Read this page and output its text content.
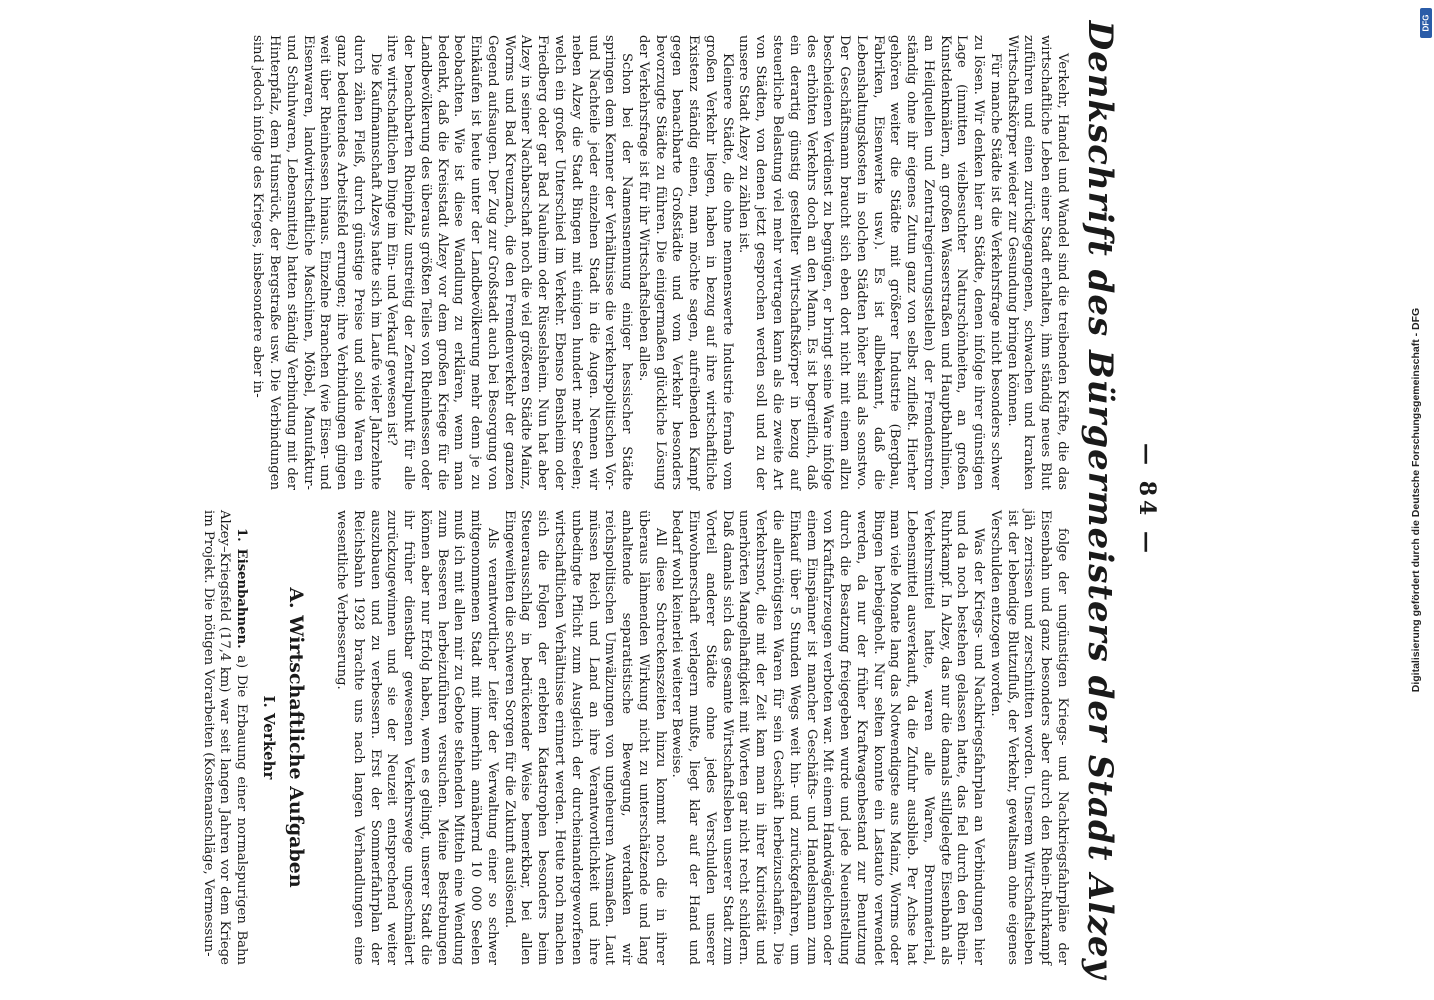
— 84 —
Denkschrift des Bürgermeisters der Stadt Alzey

Verkehr, Handel und Wandel sind die treibenden Kräfte, die das wirtschaftliche Leben einer Stadt erhalten, ihm ständig neues Blut zuführen und einen zurückgegangenen, schwachen und kranken Wirtschaftskörper wieder zur Gesundung bringen können.

Für manche Städte ist die Verkehrsfrage nicht besonders schwer zu lösen. Wir denken hier an Städte, denen infolge ihrer günstigen Lage (inmitten vielbesuchter Naturschönheiten, an großen Kunstdenkmälern, an großen Wasserstraßen und Hauptbahnlinien, an Heilquellen und Zentralregierungsstellen) der Fremdenstrom ständig ohne ihr eigenes Zutun ganz von selbst zufließt. Hierher gehören weiter die Städte mit größerer Industrie (Bergbau, Fabriken, Eisenwerke usw.). Es ist allbekannt, daß die Lebenshaltungskosten in solchen Städten höher sind als sonstwo. Der Geschäftsmann braucht sich eben dort nicht mit einem allzu bescheidenen Verdienst zu begnügen, er bringt seine Ware infolge des erhöhten Verkehrs doch an den Mann. Es ist begreiflich, daß ein derartig günstig gestellter Wirtschaftskörper in bezug auf steuerliche Belastung viel mehr vertragen kann als die zweite Art von Städten, von denen jetzt gesprochen werden soll und zu der unsere Stadt Alzey zu zählen ist.

Kleinere Städte, die ohne nennenswerte Industrie fernab vom großen Verkehr liegen, haben in bezug auf ihre wirtschaftliche Existenz ständig einen, man möchte sagen, aufreibenden Kampf gegen benachbarte Großstädte und vom Verkehr besonders bevorzugte Städte zu führen. Die einigermaßen glückliche Lösung der Verkehrsfrage ist für ihr Wirtschaftsleben alles.

Schon bei der Namensnennung einiger hessischer Städte springen dem Kenner der Verhältnisse die verkehrspolitischen Vor- und Nachteile jeder einzelnen Stadt in die Augen. Nennen wir neben Alzey die Stadt Bingen mit einigen hundert mehr Seelen; welch ein großer Unterschied im Verkehr. Ebenso Bensheim oder Friedberg oder gar Bad Nauheim oder Rüsselsheim. Nun hat aber Alzey in seiner Nachbarschaft noch die viel größeren Städte Mainz, Worms und Bad Kreuznach, die den Fremdenverkehr der ganzen Gegend aufsaugen. Der Zug zur Großstadt auch bei Besorgung von Einkäufen ist heute unter der Landbevölkerung mehr denn je zu beobachten. Wie ist diese Wandlung zu erklären, wenn man bedenkt, daß die Kreisstadt Alzey vor dem großen Kriege für die Landbevölkerung des überaus größten Teiles von Rheinhessen oder der benachbarten Rheinpfalz unstreitig der Zentralpunkt für alle ihre wirtschaftlichen Dinge im Ein- und Verkauf gewesen ist?

Die Kaufmannschaft Alzeys hatte sich im Laufe vieler Jahrzehnte durch zähen Fleiß, durch günstige Preise und solide Waren ein ganz bedeutendes Arbeitsfeld errungen; ihre Verbindungen gingen weit über Rheinhessen hinaus. Einzelne Branchen (wie Eisen- und Eisenwaren, landwirtschaftliche Maschinen, Möbel, Manufaktur- und Schuhwaren, Lebensmittel) hatten ständig Verbindung mit der Hinterpfalz, dem Hunsrück, der Bergstraße usw. Die Verbindungen sind jedoch infolge des Krieges, insbesondere aber in-

folge der ungünstigen Kriegs- und Nachkriegsfahrpläne der Eisenbahn und ganz besonders aber durch den Rhein-Ruhrkampf jäh zerrissen und zerschnitten worden. Unserem Wirtschaftsleben ist der lebendige Blutzufluß, der Verkehr, gewaltsam ohne eigenes Verschulden entzogen worden.

Was der Kriegs- und Nachkriegsfahrplan an Verbindungen hier und da noch bestehen gelassen hatte, das fiel durch den Rhein-Ruhrkampf. In Alzey, das nur die damals stillgelegte Eisenbahn als Verkehrsmittel hatte, waren alle Waren, Brennmaterial, Lebensmittel ausverkauft, da die Zufuhr ausblieb. Per Achse hat man viele Monate lang das Notwendigste aus Mainz, Worms oder Bingen herbeigeholt. Nur selten konnte ein Lastauto verwendet werden, da nur der früher Kraftwagenbestand zur Benutzung durch die Besatzung freigegeben wurde und jede Neueinstellung von Kraftfahrzeugen verboten war. Mit einem Handwägelchen oder einem Einspänner ist mancher Geschäfts- und Handelsmann zum Einkauf über 5 Stunden Wegs weit hin- und zurückgefahren, um die allernötigsten Waren für sein Geschäft herbeizuschaffen. Die Verkehrsnot, die mit der Zeit kam man in ihrer Kuriosität und unerhörten Mangelhaftigkeit mit Worten gar nicht recht schildern. Daß damals sich das gesamte Wirtschaftsleben unserer Stadt zum Vorteil anderer Städte ohne jedes Verschulden unserer Einwohnerschaft verlagern mußte, liegt klar auf der Hand und bedarf wohl keinerlei weiterer Beweise.

All diese Schreckenszeiten hinzu kommt noch die in ihrer überaus lähmenden Wirkung nicht zu unterschätzende und lang anhaltende separatistische Bewegung, verdanken wir reichspolitischen Umwälzungen von ungeheuren Ausmaßen. Laut müssen Reich und Land an ihre Verantwortlichkeit und ihre unbedingte Pflicht zum Ausgleich der durcheinandergeworfenen wirtschaftlichen Verhältnisse erinnert werden. Heute noch machen sich die Folgen der erlebten Katastrophen besonders beim Steuerausschlag in bedrückender Weise bemerkbar, bei allen Eingeweihten die schweren Sorgen für die Zukunft auslösend.

Als verantwortlicher Leiter der Verwaltung einer so schwer mitgenommenen Stadt mit immerhin annähernd 10 000 Seelen muß ich mit allen mir zu Gebote stehenden Mitteln eine Wendung zum Besseren herbeizuführen versuchen. Meine Bestrebungen können aber nur Erfolg haben, wenn es gelingt, unserer Stadt die ihr früher dienstbar gewesenen Verkehrswege ungeschmälert zurückzugewinnen und sie der Neuzeit entsprechend weiter auszubauen und zu verbessern. Erst der Sommerfahrplan der Reichsbahn 1928 brachte uns nach langen Verhandlungen eine wesentliche Verbesserung.

A. Wirtschaftliche Aufgaben
I. Verkehr

1. Eisenbahnen. a) Die Erbauung einer normalspurigen Bahn Alzey–Kriegsfeld (17,4 km) war seit langen Jahren vor dem Kriege im Projekt. Die nötigen Vorarbeiten (Kostenanschläge, Vermessun-

Digitalisierung gefördert durch die Deutsche Forschungsgemeinschaft - DFG
DFG
